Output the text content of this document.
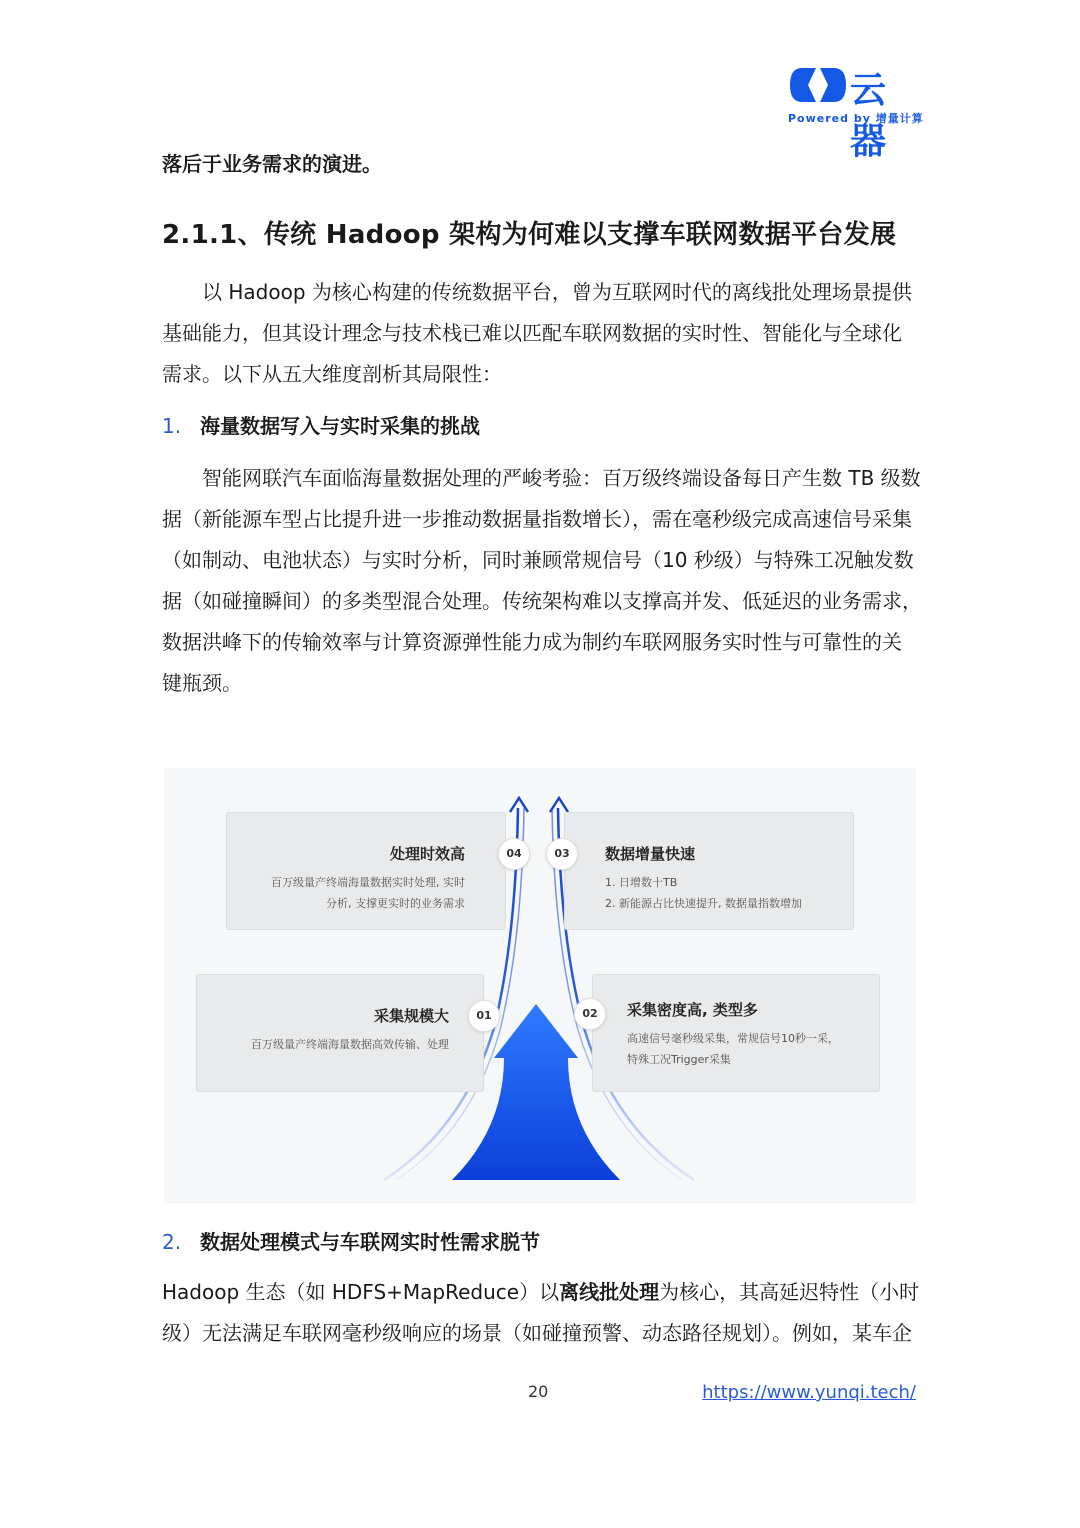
云器
Powered by 增量计算
落后于业务需求的演进。
2.1.1、传统 Hadoop 架构为何难以支撑车联网数据平台发展
以 Hadoop 为核心构建的传统数据平台，曾为互联网时代的离线批处理场景提供
基础能力，但其设计理念与技术栈已难以匹配车联网数据的实时性、智能化与全球化
需求。以下从五大维度剖析其局限性：
1. 海量数据写入与实时采集的挑战
智能网联汽车面临海量数据处理的严峻考验：百万级终端设备每日产生数 TB 级数
据（新能源车型占比提升进一步推动数据量指数增长），需在毫秒级完成高速信号采集
（如制动、电池状态）与实时分析，同时兼顾常规信号（10 秒级）与特殊工况触发数
据（如碰撞瞬间）的多类型混合处理。传统架构难以支撑高并发、低延迟的业务需求，
数据洪峰下的传输效率与计算资源弹性能力成为制约车联网服务实时性与可靠性的关
键瓶颈。
处理时效高
百万级量产终端海量数据实时处理, 实时
分析, 支撑更实时的业务需求
04	数据增量快速
1. 日增数十TB
2. 新能源占比快速提升, 数据量指数增加
03
采集规模大
百万级量产终端海量数据高效传输、处理
01	采集密度高, 类型多
高速信号毫秒级采集，常规信号10秒一采，
特殊工况Trigger采集
02
2. 数据处理模式与车联网实时性需求脱节
Hadoop 生态（如 HDFS+MapReduce）以离线批处理为核心，其高延迟特性（小时
级）无法满足车联网毫秒级响应的场景（如碰撞预警、动态路径规划）。例如，某车企
20	https://www.yunqi.tech/
